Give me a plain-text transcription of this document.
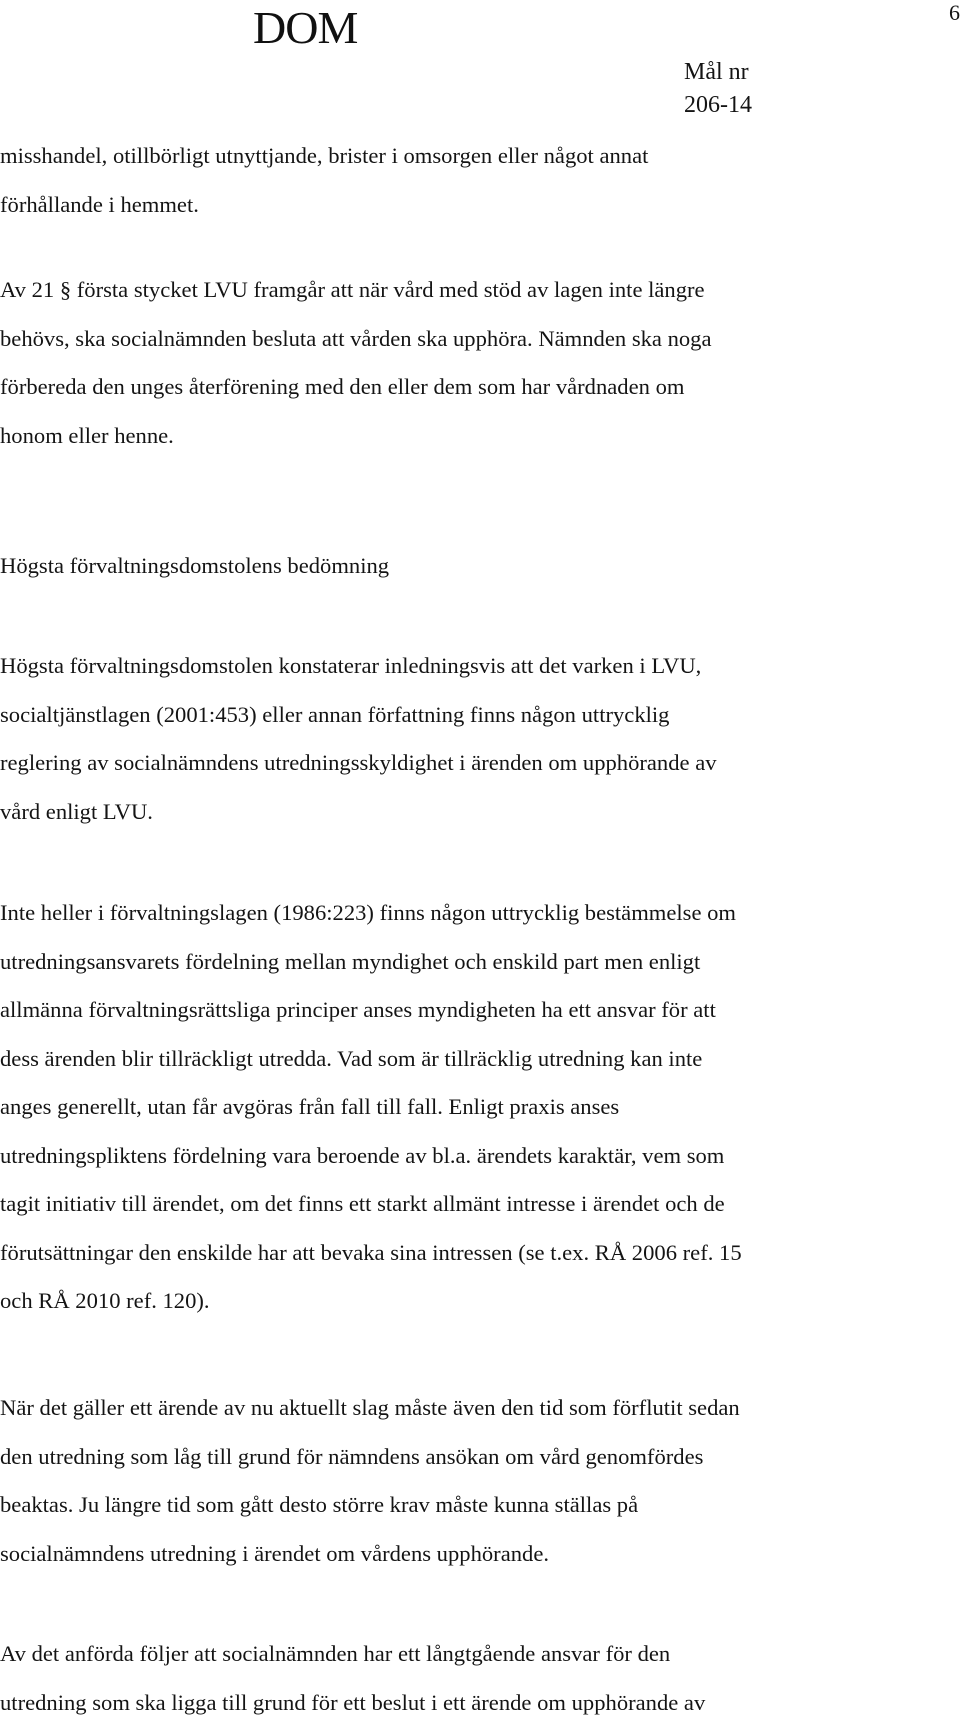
DOM	6
Mål nr
206-14

misshandel, otillbörligt utnyttjande, brister i omsorgen eller något annat
förhållande i hemmet.

Av 21 § första stycket LVU framgår att när vård med stöd av lagen inte längre
behövs, ska socialnämnden besluta att vården ska upphöra. Nämnden ska noga
förbereda den unges återförening med den eller dem som har vårdnaden om
honom eller henne.

Högsta förvaltningsdomstolens bedömning

Högsta förvaltningsdomstolen konstaterar inledningsvis att det varken i LVU,
socialtjänstlagen (2001:453) eller annan författning finns någon uttrycklig
reglering av socialnämndens utredningsskyldighet i ärenden om upphörande av
vård enligt LVU.

Inte heller i förvaltningslagen (1986:223) finns någon uttrycklig bestämmelse om
utredningsansvarets fördelning mellan myndighet och enskild part men enligt
allmänna förvaltningsrättsliga principer anses myndigheten ha ett ansvar för att
dess ärenden blir tillräckligt utredda. Vad som är tillräcklig utredning kan inte
anges generellt, utan får avgöras från fall till fall. Enligt praxis anses
utredningspliktens fördelning vara beroende av bl.a. ärendets karaktär, vem som
tagit initiativ till ärendet, om det finns ett starkt allmänt intresse i ärendet och de
förutsättningar den enskilde har att bevaka sina intressen (se t.ex. RÅ 2006 ref. 15
och RÅ 2010 ref. 120).

När det gäller ett ärende av nu aktuellt slag måste även den tid som förflutit sedan
den utredning som låg till grund för nämndens ansökan om vård genomfördes
beaktas. Ju längre tid som gått desto större krav måste kunna ställas på
socialnämndens utredning i ärendet om vårdens upphörande.

Av det anförda följer att socialnämnden har ett långtgående ansvar för den
utredning som ska ligga till grund för ett beslut i ett ärende om upphörande av
